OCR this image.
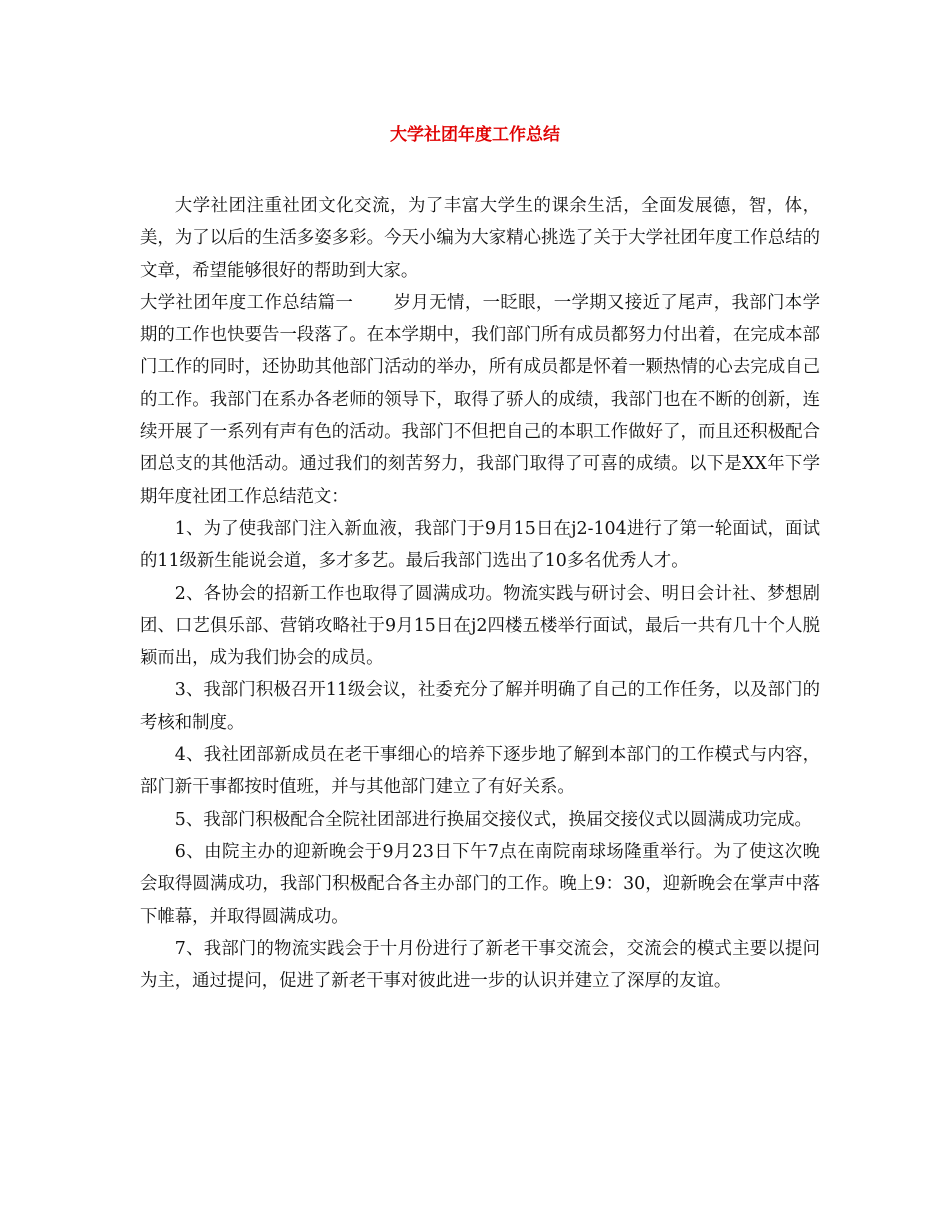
大学社团年度工作总结

大学社团注重社团文化交流，为了丰富大学生的课余生活，全面发展德，智，体，美，为了以后的生活多姿多彩。今天小编为大家精心挑选了关于大学社团年度工作总结的文章，希望能够很好的帮助到大家。

大学社团年度工作总结篇一 岁月无情，一眨眼，一学期又接近了尾声，我部门本学期的工作也快要告一段落了。在本学期中，我们部门所有成员都努力付出着，在完成本部门工作的同时，还协助其他部门活动的举办，所有成员都是怀着一颗热情的心去完成自己的工作。我部门在系办各老师的领导下，取得了骄人的成绩，我部门也在不断的创新，连续开展了一系列有声有色的活动。我部门不但把自己的本职工作做好了，而且还积极配合团总支的其他活动。通过我们的刻苦努力，我部门取得了可喜的成绩。以下是XX年下学期年度社团工作总结范文：

1、为了使我部门注入新血液，我部门于9月15日在j2-104进行了第一轮面试，面试的11级新生能说会道，多才多艺。最后我部门选出了10多名优秀人才。

2、各协会的招新工作也取得了圆满成功。物流实践与研讨会、明日会计社、梦想剧团、口艺俱乐部、营销攻略社于9月15日在j2四楼五楼举行面试，最后一共有几十个人脱颖而出，成为我们协会的成员。

3、我部门积极召开11级会议，社委充分了解并明确了自己的工作任务，以及部门的考核和制度。

4、我社团部新成员在老干事细心的培养下逐步地了解到本部门的工作模式与内容，部门新干事都按时值班，并与其他部门建立了有好关系。

5、我部门积极配合全院社团部进行换届交接仪式，换届交接仪式以圆满成功完成。

6、由院主办的迎新晚会于9月23日下午7点在南院南球场隆重举行。为了使这次晚会取得圆满成功，我部门积极配合各主办部门的工作。晚上9：30，迎新晚会在掌声中落下帷幕，并取得圆满成功。

7、我部门的物流实践会于十月份进行了新老干事交流会，交流会的模式主要以提问为主，通过提问，促进了新老干事对彼此进一步的认识并建立了深厚的友谊。
